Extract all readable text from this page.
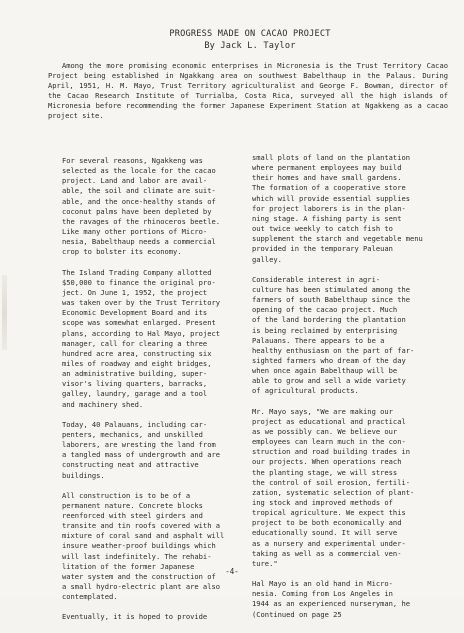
PROGRESS MADE ON CACAO PROJECT
By Jack L. Taylor

Among the more promising economic enterprises in Micronesia is the Trust Territory Cacao Project being established in Ngakkang area on southwest Babelthaup in the Palaus. During April, 1951, H. M. Mayo, Trust Territory agriculturalist and George F. Bowman, director of the Cacao Research Institute of Turrialba, Costa Rica, surveyed all the high islands of Micronesia before recommending the former Japanese Experiment Station at Ngakkeng as a cacao project site.

For several reasons, Ngakkeng was
selected as the locale for the cacao
project. Land and labor are avail-
able, the soil and climate are suit-
able, and the once-healthy stands of
coconut palms have been depleted by
the ravages of the rhinoceros beetle.
Like many other portions of Micro-
nesia, Babelthaup needs a commercial
crop to bolster its economy.

The Island Trading Company allotted
$50,000 to finance the original pro-
ject. On June 1, 1952, the project
was taken over by the Trust Territory
Economic Development Board and its
scope was somewhat enlarged. Present
plans, according to Hal Mayo, project
manager, call for clearing a three
hundred acre area, constructing six
miles of roadway and eight bridges,
an administrative building, super-
visor's living quarters, barracks,
galley, laundry, garage and a tool
and machinery shed.

Today, 40 Palauans, including car-
penters, mechanics, and unskilled
laborers, are wresting the land from
a tangled mass of undergrowth and are
constructing neat and attractive
buildings.

All construction is to be of a
permanent nature. Concrete blocks
reenforced with steel girders and
transite and tin roofs covered with a
mixture of coral sand and asphalt will
insure weather-proof buildings which
will last indefinitely. The rehabi-
litation of the former Japanese
water system and the construction of
a small hydro-electric plant are also
contemplated.

Eventually, it is hoped to provide

small plots of land on the plantation
where permanent employees may build
their homes and have small gardens.
The formation of a cooperative store
which will provide essential supplies
for project laborers is in the plan-
ning stage. A fishing party is sent
out twice weekly to catch fish to
supplement the starch and vegetable menu
provided in the temporary Paleuan
galley.

Considerable interest in agri-
culture has been stimulated among the
farmers of south Babelthaup since the
opening of the cacao project. Much
of the land bordering the plantation
is being reclaimed by enterprising
Palauans. There appears to be a
healthy enthusiasm on the part of far-
sighted farmers who dream of the day
when once again Babelthaup will be
able to grow and sell a wide variety
of agricultural products.

Mr. Mayo says, "We are making our
project as educational and practical
as we possibly can. We believe our
employees can learn much in the con-
struction and road building trades in
our projects. When operations reach
the planting stage, we will stress
the control of soil erosion, fertili-
zation, systematic selection of plant-
ing stock and improved methods of
tropical agriculture. We expect this
project to be both economically and
educationally sound. It will serve
as a nursery and experimental under-
taking as well as a commercial ven-
ture."

Hal Mayo is an old hand in Micro-
nesia. Coming from Los Angeles in
1944 as an experienced nurseryman, he
(Continued on page 25

-4-
